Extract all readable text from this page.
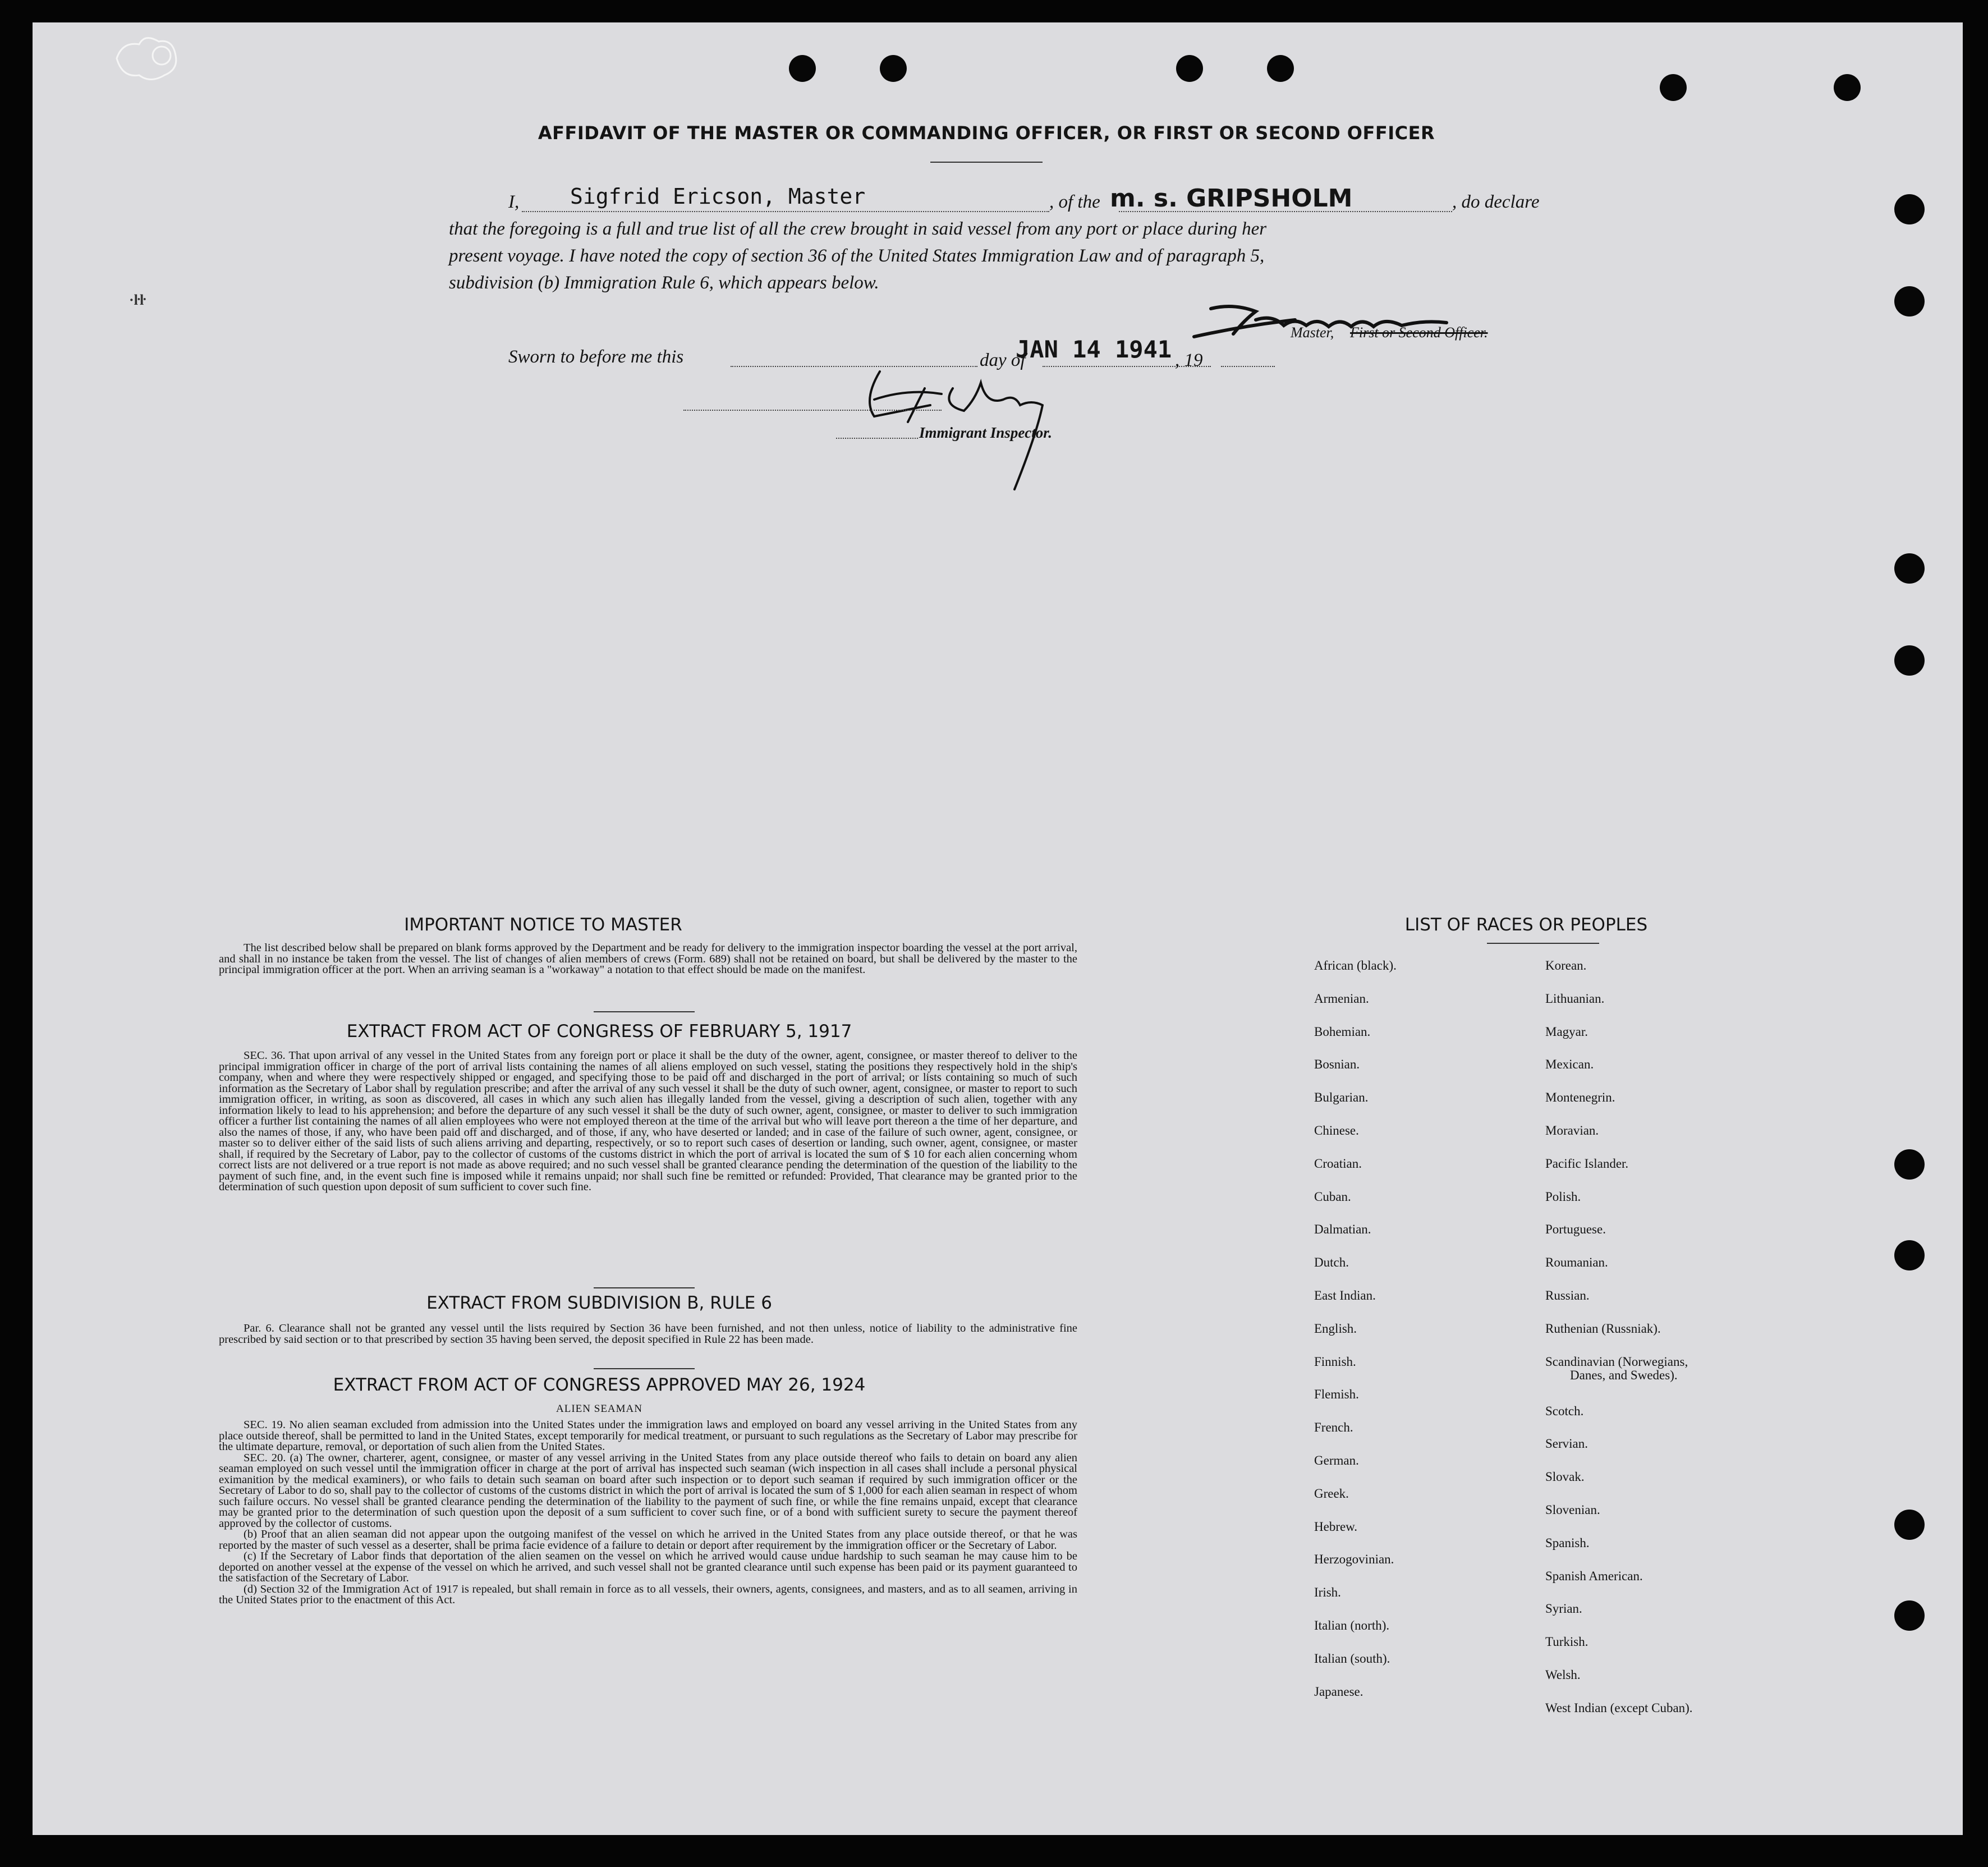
·ŀŀ
AFFIDAVIT OF THE MASTER OR COMMANDING OFFICER, OR FIRST OR SECOND OFFICER
I, Sigfrid Ericson, Master	, of the m. s. GRIPSHOLM	, do declare
that the foregoing is a full and true list of all the crew brought in said vessel from any port or place during her
present voyage. I have noted the copy of section 36 of the United States Immigration Law and of paragraph 5,
subdivision (b) Immigration Rule 6, which appears below.
Master, First or Second Officer.
Sworn to before me this	day of
JAN 14 1941 , 19
Immigrant Inspector.
IMPORTANT NOTICE TO MASTER
The list described below shall be prepared on blank forms approved by the Department and be ready for delivery to the immigration inspector boarding the vessel at the port arrival, and shall in no instance be taken from the vessel. The list of changes of alien members of crews (Form. 689) shall not be retained on board, but shall be delivered by the master to the principal immigration officer at the port. When an arriving seaman is a "workaway" a notation to that effect should be made on the manifest.
EXTRACT FROM ACT OF CONGRESS OF FEBRUARY 5, 1917
SEC. 36. That upon arrival of any vessel in the United States from any foreign port or place it shall be the duty of the owner, agent, consignee, or master thereof to deliver to the principal immigration officer in charge of the port of arrival lists containing the names of all aliens employed on such vessel, stating the positions they respectively hold in the ship's company, when and where they were respectively shipped or engaged, and specifying those to be paid off and discharged in the port of arrival; or lists containing so much of such information as the Secretary of Labor shall by regulation prescribe; and after the arrival of any such vessel it shall be the duty of such owner, agent, consignee, or master to report to such immigration officer, in writing, as soon as discovered, all cases in which any such alien has illegally landed from the vessel, giving a description of such alien, together with any information likely to lead to his apprehension; and before the departure of any such vessel it shall be the duty of such owner, agent, consignee, or master to deliver to such immigration officer a further list containing the names of all alien employees who were not employed thereon at the time of the arrival but who will leave port thereon a the time of her departure, and also the names of those, if any, who have been paid off and discharged, and of those, if any, who have deserted or landed; and in case of the failure of such owner, agent, consignee, or master so to deliver either of the said lists of such aliens arriving and departing, respectively, or so to report such cases of desertion or landing, such owner, agent, consignee, or master shall, if required by the Secretary of Labor, pay to the collector of customs of the customs district in which the port of arrival is located the sum of $ 10 for each alien concerning whom correct lists are not delivered or a true report is not made as above required; and no such vessel shall be granted clearance pending the determination of the question of the liability to the payment of such fine, and, in the event such fine is imposed while it remains unpaid; nor shall such fine be remitted or refunded: Provided, That clearance may be granted prior to the determination of such question upon deposit of sum sufficient to cover such fine.
EXTRACT FROM SUBDIVISION B, RULE 6
Par. 6. Clearance shall not be granted any vessel until the lists required by Section 36 have been furnished, and not then unless, notice of liability to the administrative fine prescribed by said section or to that prescribed by section 35 having been served, the deposit specified in Rule 22 has been made.
EXTRACT FROM ACT OF CONGRESS APPROVED MAY 26, 1924
ALIEN SEAMAN

SEC. 19. No alien seaman excluded from admission into the United States under the immigration laws and employed on board any vessel arriving in the United States from any place outside thereof, shall be permitted to land in the United States, except temporarily for medical treatment, or pursuant to such regulations as the Secretary of Labor may prescribe for the ultimate departure, removal, or deportation of such alien from the United States.

SEC. 20. (a) The owner, charterer, agent, consignee, or master of any vessel arriving in the United States from any place outside thereof who fails to detain on board any alien seaman employed on such vessel until the immigration officer in charge at the port of arrival has inspected such seaman (wich inspection in all cases shall include a personal physical eximanition by the medical examiners), or who fails to detain such seaman on board after such inspection or to deport such seaman if required by such immigration officer or the Secretary of Labor to do so, shall pay to the collector of customs of the customs district in which the port of arrival is located the sum of $ 1,000 for each alien seaman in respect of whom such failure occurs. No vessel shall be granted clearance pending the determination of the liability to the payment of such fine, or while the fine remains unpaid, except that clearance may be granted prior to the determination of such question upon the deposit of a sum sufficient to cover such fine, or of a bond with sufficient surety to secure the payment thereof approved by the collector of customs.

(b) Proof that an alien seaman did not appear upon the outgoing manifest of the vessel on which he arrived in the United States from any place outside thereof, or that he was reported by the master of such vessel as a deserter, shall be prima facie evidence of a failure to detain or deport after requirement by the immigration officer or the Secretary of Labor.

(c) If the Secretary of Labor finds that deportation of the alien seamen on the vessel on which he arrived would cause undue hardship to such seaman he may cause him to be deported on another vessel at the expense of the vessel on which he arrived, and such vessel shall not be granted clearance until such expense has been paid or its payment guaranteed to the satisfaction of the Secretary of Labor.

(d) Section 32 of the Immigration Act of 1917 is repealed, but shall remain in force as to all vessels, their owners, agents, consignees, and masters, and as to all seamen, arriving in the United States prior to the enactment of this Act.

LIST OF RACES OR PEOPLES
African (black).
Armenian.
Bohemian.
Bosnian.
Bulgarian.
Chinese.
Croatian.
Cuban.
Dalmatian.
Dutch.
East Indian.
English.
Finnish.
Flemish.
French.
German.
Greek.
Hebrew.
Herzogovinian.
Irish.
Italian (north).
Italian (south).
Japanese.
Korean.
Lithuanian.
Magyar.
Mexican.
Montenegrin.
Moravian.
Pacific Islander.
Polish.
Portuguese.
Roumanian.
Russian.
Ruthenian (Russniak).
Scandinavian (Norwegians,
Danes, and Swedes).
Scotch.
Servian.
Slovak.
Slovenian.
Spanish.
Spanish American.
Syrian.
Turkish.
Welsh.
West Indian (except Cuban).
